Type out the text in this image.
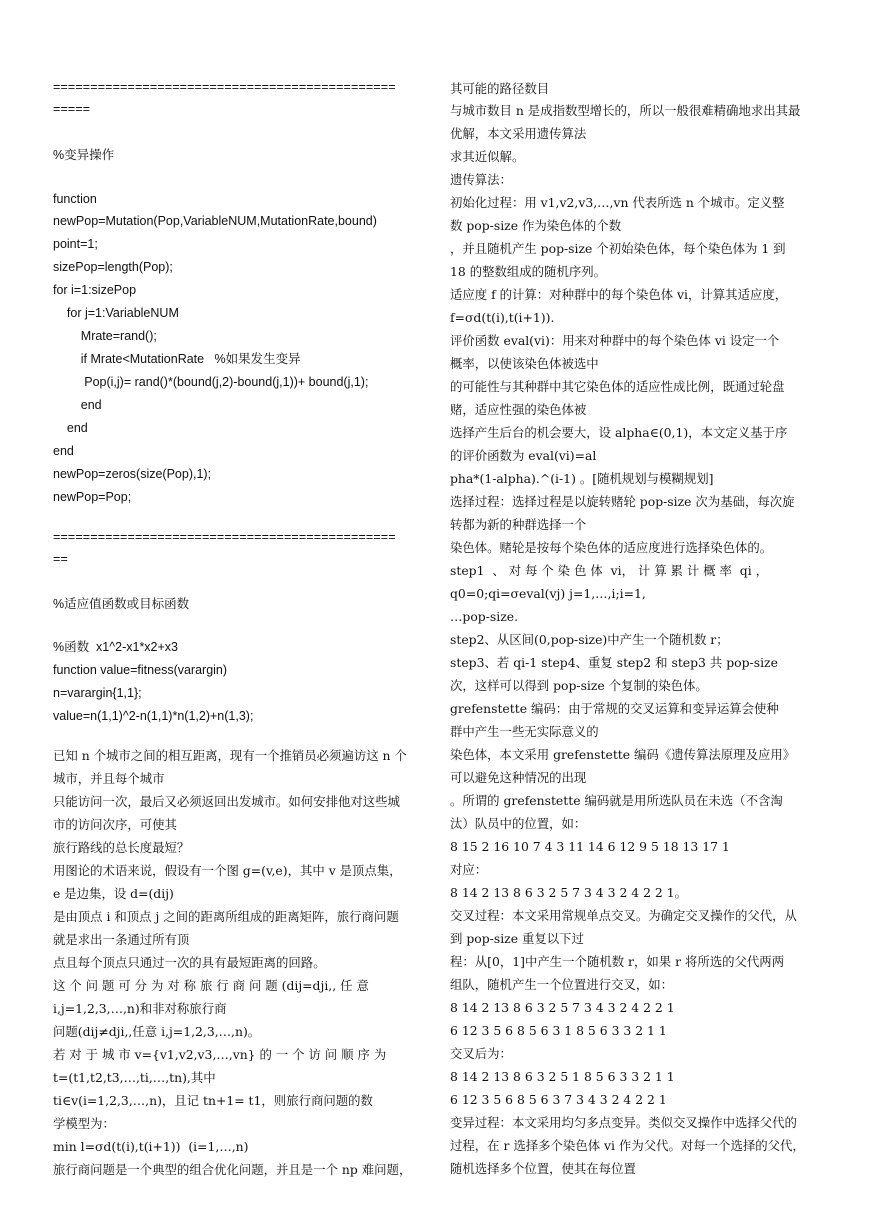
==============================================
=====
%变异操作
function
newPop=Mutation(Pop,VariableNUM,MutationRate,bound)
point=1;
sizePop=length(Pop);
for i=1:sizePop
for j=1:VariableNUM
Mrate=rand();
if Mrate<MutationRate   %如果发生变异
Pop(i,j)= rand()*(bound(j,2)-bound(j,1))+ bound(j,1);
end
end
end
newPop=zeros(size(Pop),1);
newPop=Pop;
==============================================
==
%适应值函数或目标函数
%函数  x1^2-x1*x2+x3
function value=fitness(varargin)
n=varargin{1,1};
value=n(1,1)^2-n(1,1)*n(1,2)+n(1,3);
已知 n 个城市之间的相互距离，现有一个推销员必须遍访这 n 个
城市，并且每个城市
只能访问一次，最后又必须返回出发城市。如何安排他对这些城
市的访问次序，可使其
旅行路线的总长度最短？
用图论的术语来说，假设有一个图 g=(v,e)，其中 v 是顶点集，
e 是边集，设 d=(dij)
是由顶点 i 和顶点 j 之间的距离所组成的距离矩阵，旅行商问题
就是求出一条通过所有顶
点且每个顶点只通过一次的具有最短距离的回路。
这 个 问 题 可 分 为 对 称 旅 行 商 问 题 (dij=dji,, 任 意
i,j=1,2,3,…,n)和非对称旅行商
问题(dij≠dji,,任意 i,j=1,2,3,…,n)。
若 对 于 城 市 v={v1,v2,v3,…,vn} 的 一 个 访 问 顺 序 为
t=(t1,t2,t3,…,ti,…,tn),其中
ti∈v(i=1,2,3,…,n)，且记 tn+1= t1，则旅行商问题的数
学模型为：
min l=σd(t(i),t(i+1))  (i=1,…,n)
旅行商问题是一个典型的组合优化问题，并且是一个 np 难问题，
其可能的路径数目
与城市数目 n 是成指数型增长的，所以一般很难精确地求出其最
优解，本文采用遗传算法
求其近似解。
遗传算法：
初始化过程：用 v1,v2,v3,…,vn 代表所选 n 个城市。定义整
数 pop-size 作为染色体的个数
，并且随机产生 pop-size 个初始染色体，每个染色体为 1 到
18 的整数组成的随机序列。
适应度 f 的计算：对种群中的每个染色体 vi，计算其适应度，
f=σd(t(i),t(i+1)).
评价函数 eval(vi)：用来对种群中的每个染色体 vi 设定一个
概率，以使该染色体被选中
的可能性与其种群中其它染色体的适应性成比例，既通过轮盘
赌，适应性强的染色体被
选择产生后台的机会要大，设 alpha∈(0,1)，本文定义基于序
的评价函数为 eval(vi)=al
pha*(1-alpha).^(i-1) 。[随机规划与模糊规划]
选择过程：选择过程是以旋转赌轮 pop-size 次为基础，每次旋
转都为新的种群选择一个
染色体。赌轮是按每个染色体的适应度进行选择染色体的。
step1  、 对 每 个 染 色 体  vi， 计 算 累 计 概 率  qi ，
q0=0;qi=σeval(vj) j=1,…,i;i=1,
…pop-size.
step2、从区间(0,pop-size)中产生一个随机数 r；
step3、若 qi-1 step4、重复 step2 和 step3 共 pop-size
次，这样可以得到 pop-size 个复制的染色体。
grefenstette 编码：由于常规的交叉运算和变异运算会使种
群中产生一些无实际意义的
染色体，本文采用 grefenstette 编码《遗传算法原理及应用》
可以避免这种情况的出现
。所谓的 grefenstette 编码就是用所选队员在未选（不含淘
汰）队员中的位置，如：
8 15 2 16 10 7 4 3 11 14 6 12 9 5 18 13 17 1
对应：
8 14 2 13 8 6 3 2 5 7 3 4 3 2 4 2 2 1。
交叉过程：本文采用常规单点交叉。为确定交叉操作的父代，从
到 pop-size 重复以下过
程：从[0，1]中产生一个随机数 r，如果 r 将所选的父代两两
组队，随机产生一个位置进行交叉，如：
8 14 2 13 8 6 3 2 5 7 3 4 3 2 4 2 2 1
6 12 3 5 6 8 5 6 3 1 8 5 6 3 3 2 1 1
交叉后为：
8 14 2 13 8 6 3 2 5 1 8 5 6 3 3 2 1 1
6 12 3 5 6 8 5 6 3 7 3 4 3 2 4 2 2 1
变异过程：本文采用均匀多点变异。类似交叉操作中选择父代的
过程，在 r 选择多个染色体 vi 作为父代。对每一个选择的父代，
随机选择多个位置，使其在每位置
